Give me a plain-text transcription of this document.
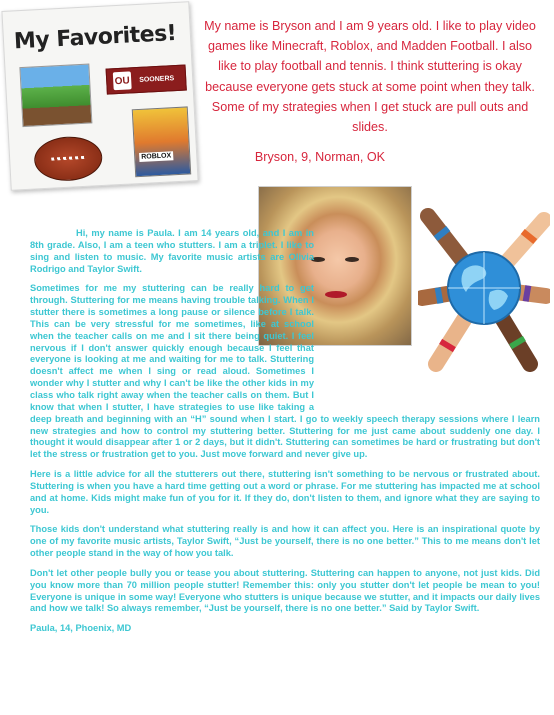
My Favorites!
OU SOONERS
ROBLOX

My name is Bryson and I am 9 years old. I like to play video games like Minecraft, Roblox, and Madden Football. I also like to play football and tennis. I think stuttering is okay because everyone gets stuck at some point when they talk. Some of my strategies when I get stuck are pull outs and slides.

Bryson, 9, Norman, OK

Hi, my name is Paula. I am 14 years old, and I am in 8th grade. Also, I am a teen who stutters. I am a triplet. I like to sing and listen to music. My favorite music artists are Olivia Rodrigo and Taylor Swift.

Sometimes for me my stuttering can be really hard to get through. Stuttering for me means having trouble talking. When I stutter there is sometimes a long pause or silence before I talk. This can be very stressful for me sometimes, like at school when the teacher calls on me and I sit there being quiet. I feel nervous if I don't answer quickly enough because I feel that everyone is looking at me and waiting for me to talk. Stuttering doesn't affect me when I sing or read aloud. Sometimes I wonder why I stutter and why I can't be like the other kids in my class who talk right away when the teacher calls on them. But I know that when I stutter, I have strategies to use like taking a deep breath and beginning with an “H” sound when I start. I go to weekly speech therapy sessions where I learn new strategies and how to control my stuttering better. Stuttering for me just came about suddenly one day. I thought it would disappear after 1 or 2 days, but it didn't. Stuttering can sometimes be hard or frustrating but don't let the stress or frustration get to you. Just move forward and never give up.

Here is a little advice for all the stutterers out there, stuttering isn't something to be nervous or frustrated about. Stuttering is when you have a hard time getting out a word or phrase. For me stuttering has impacted me at school and at home. Kids might make fun of you for it. If they do, don't listen to them, and ignore what they are saying to you.

Those kids don't understand what stuttering really is and how it can affect you. Here is an inspirational quote by one of my favorite music artists, Taylor Swift, “Just be yourself, there is no one better.” This to me means don't let other people stand in the way of how you talk.

Don't let other people bully you or tease you about stuttering. Stuttering can happen to anyone, not just kids. Did you know more than 70 million people stutter! Remember this: only you stutter don't let people be mean to you! Everyone is unique in some way! Everyone who stutters is unique because we stutter, and it impacts our daily lives and how we talk! So always remember, “Just be yourself, there is no one better.” Said by Taylor Swift.

Paula, 14, Phoenix, MD
